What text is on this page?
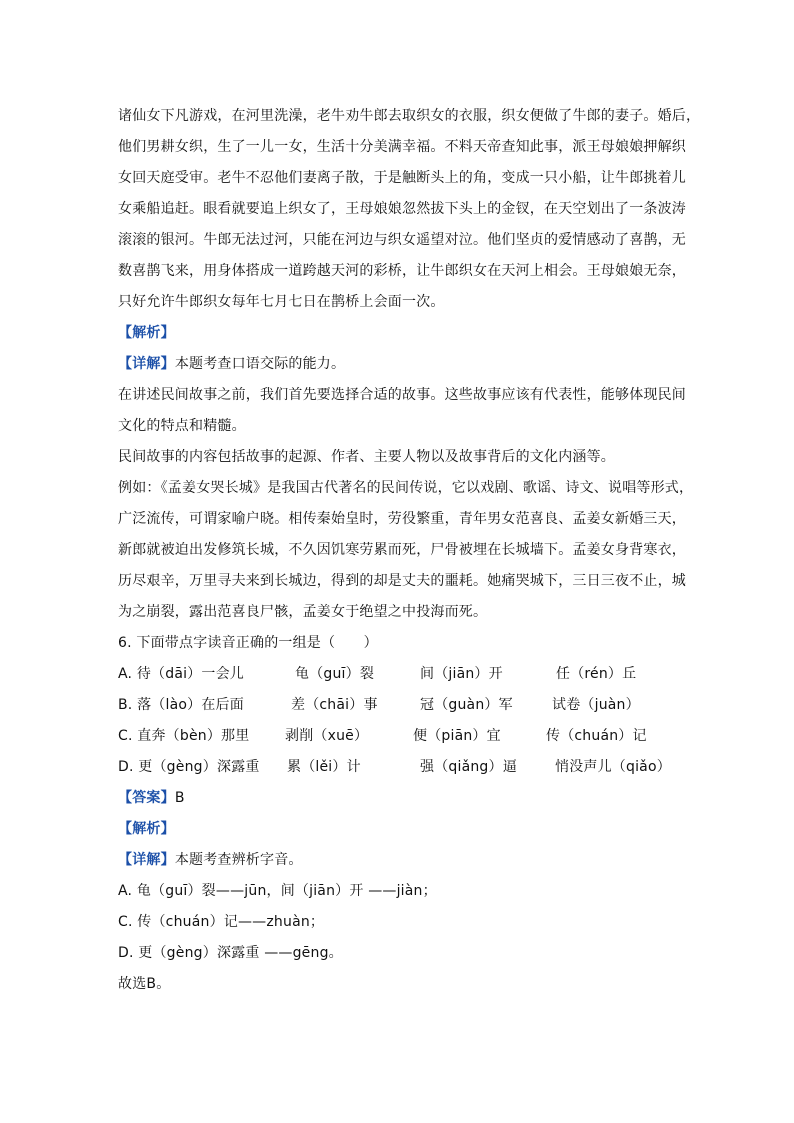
诸仙女下凡游戏，在河里洗澡，老牛劝牛郎去取织女的衣服，织女便做了牛郎的妻子。婚后，
他们男耕女织，生了一儿一女，生活十分美满幸福。不料天帝查知此事，派王母娘娘押解织
女回天庭受审。老牛不忍他们妻离子散，于是触断头上的角，变成一只小船，让牛郎挑着儿
女乘船追赶。眼看就要追上织女了，王母娘娘忽然拔下头上的金钗，在天空划出了一条波涛
滚滚的银河。牛郎无法过河，只能在河边与织女遥望对泣。他们坚贞的爱情感动了喜鹊，无
数喜鹊飞来，用身体搭成一道跨越天河的彩桥，让牛郎织女在天河上相会。王母娘娘无奈，
只好允许牛郎织女每年七月七日在鹊桥上会面一次。
【解析】
【详解】本题考查口语交际的能力。
在讲述民间故事之前，我们首先要选择合适的故事。这些故事应该有代表性，能够体现民间
文化的特点和精髓。
民间故事的内容包括故事的起源、作者、主要人物以及故事背后的文化内涵等。
例如：《孟姜女哭长城》是我国古代著名的民间传说，它以戏剧、歌谣、诗文、说唱等形式，
广泛流传，可谓家喻户晓。相传秦始皇时，劳役繁重，青年男女范喜良、孟姜女新婚三天，
新郎就被迫出发修筑长城，不久因饥寒劳累而死，尸骨被埋在长城墙下。孟姜女身背寒衣，
历尽艰辛，万里寻夫来到长城边，得到的却是丈夫的噩耗。她痛哭城下，三日三夜不止，城
为之崩裂，露出范喜良尸骸，孟姜女于绝望之中投海而死。
6. 下面带点字读音正确的一组是（　　）
A. 待（dāi）一会儿	龟（guī）裂	间（jiān）开	任（rén）丘
B. 落（lào）在后面	差（chāi）事	冠（guàn）军	试卷（juàn）
C. 直奔（bèn）那里	剥削（xuē）	便（piān）宜	传（chuán）记
D. 更（gèng）深露重 累（lěi）计	强（qiǎng）逼	悄没声儿（qiǎo）
【答案】B
【解析】
【详解】本题考查辨析字音。
A. 龟（guī）裂——jūn，间（jiān）开 ——jiàn；
C. 传（chuán）记——zhuàn；
D. 更（gèng）深露重 ——gēng。
故选B。
